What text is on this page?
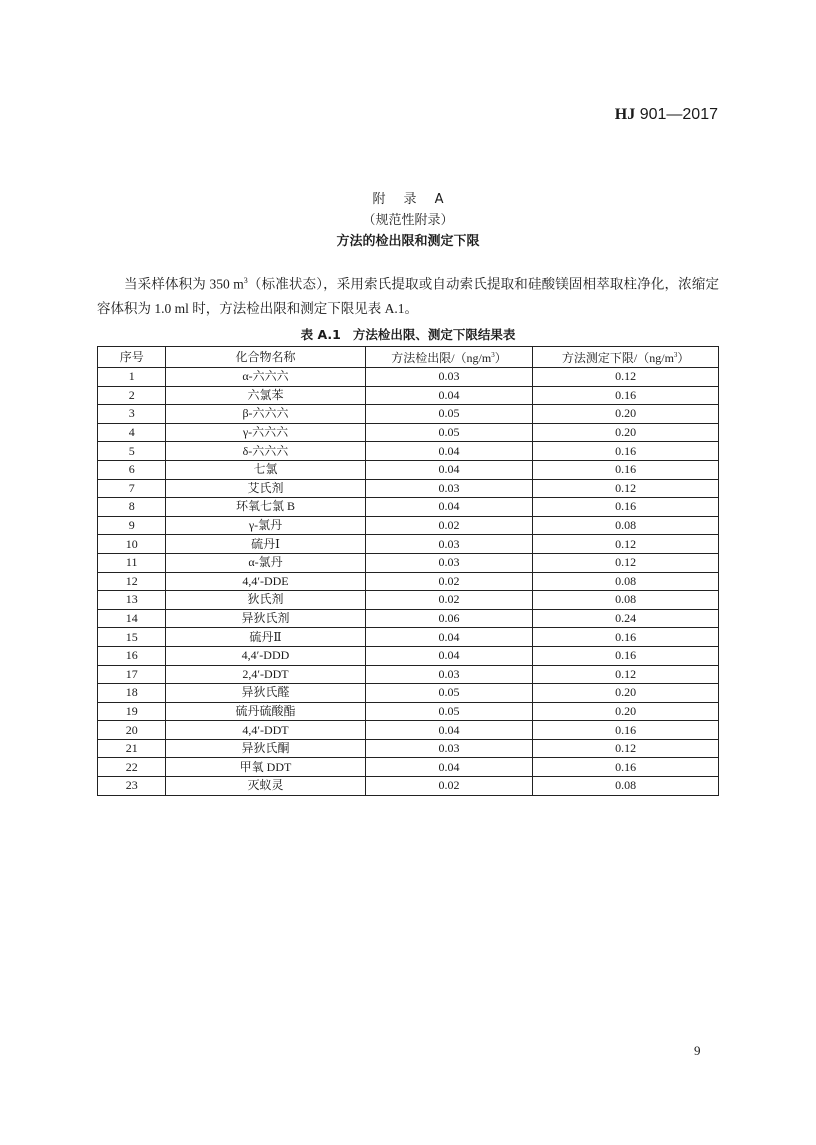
HJ 901—2017
附 录 A
（规范性附录）
方法的检出限和测定下限
当采样体积为 350 $m^3$（标准状态），采用索氏提取或自动索氏提取和硅酸镁固相萃取柱净化，浓缩定容体积为 1.0 ml 时，方法检出限和测定下限见表 A.1。
表 A.1 方法检出限、测定下限结果表
序号	化合物名称	方法检出限$/(ng/m^3)$	方法测定下限$/(ng/m^3)$
1	α-六六六	0.03	0.12
2	六氯苯	0.04	0.16
3	β-六六六	0.05	0.20
4	γ-六六六	0.05	0.20
5	δ-六六六	0.04	0.16
6	七氯	0.04	0.16
7	艾氏剂	0.03	0.12
8	环氧七氯 B	0.04	0.16
9	γ-氯丹	0.02	0.08
10	硫丹Ⅰ	0.03	0.12
11	α-氯丹	0.03	0.12
12	4,4′-DDE	0.02	0.08
13	狄氏剂	0.02	0.08
14	异狄氏剂	0.06	0.24
15	硫丹Ⅱ	0.04	0.16
16	4,4′-DDD	0.04	0.16
17	2,4′-DDT	0.03	0.12
18	异狄氏醛	0.05	0.20
19	硫丹硫酸酯	0.05	0.20
20	4,4′-DDT	0.04	0.16
21	异狄氏酮	0.03	0.12
22	甲氧 DDT	0.04	0.16
23	灭蚁灵	0.02	0.08
9
